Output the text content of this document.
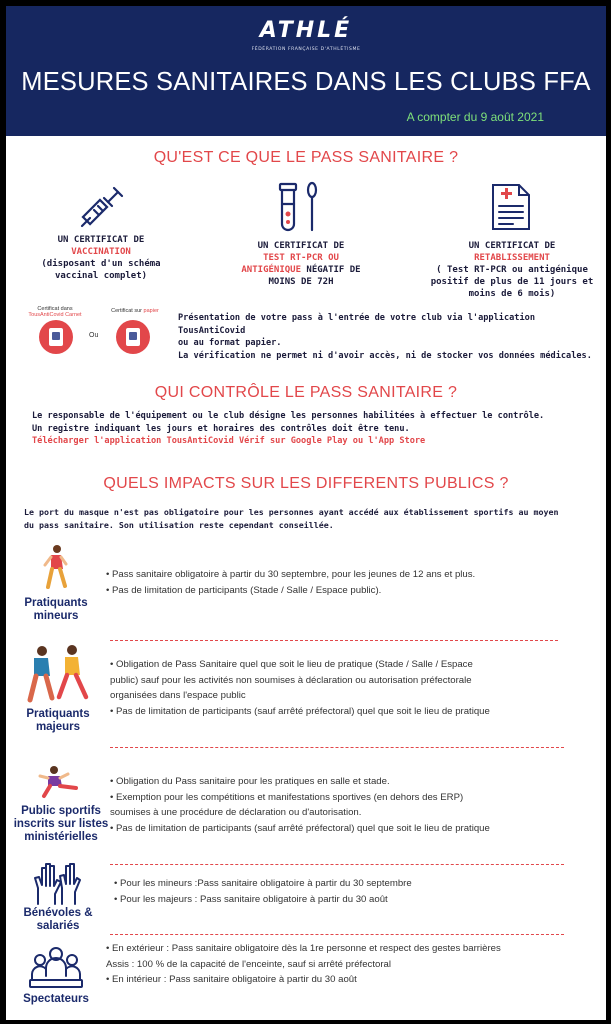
ATHLÉ
FÉDÉRATION FRANÇAISE D'ATHLÉTISME
MESURES SANITAIRES DANS LES CLUBS FFA
A compter du 9 août 2021
QU'EST CE QUE LE PASS SANITAIRE ?
UN CERTIFICAT DE
VACCINATION
(disposant d'un schéma
vaccinal complet)
UN CERTIFICAT DE
TEST RT-PCR OU
ANTIGÉNIQUE NÉGATIF DE
MOINS DE 72H
UN CERTIFICAT DE
RETABLISSEMENT
( Test RT-PCR ou antigénique
positif de plus de 11 jours et
moins de 6 mois)
Certificat dans
TousAntiCovid Carnet
Ou
Certificat sur papier
Présentation de votre pass à l'entrée de votre club via l'application TousAntiCovid
ou au format papier.
La vérification ne permet ni d'avoir accès, ni de stocker vos données médicales.
QUI CONTRÔLE LE PASS SANITAIRE ?
Le responsable de l'équipement ou le club désigne les personnes habilitées à effectuer le contrôle.
Un registre indiquant les jours et horaires des contrôles doit être tenu.
Télécharger l'application TousAntiCovid Vérif sur Google Play ou l'App Store
QUELS IMPACTS SUR LES DIFFERENTS PUBLICS ?
Le port du masque n'est pas obligatoire pour les personnes ayant accédé aux établissement sportifs au moyen
du pass sanitaire. Son utilisation reste cependant conseillée.
Pratiquants
mineurs
• Pass sanitaire obligatoire à partir du 30 septembre, pour les jeunes de 12 ans et plus.
• Pas de limitation de participants (Stade / Salle / Espace public).
Pratiquants
majeurs
• Obligation de Pass Sanitaire quel que soit le lieu de pratique (Stade / Salle / Espace
public) sauf pour les activités non soumises à déclaration ou autorisation préfectorale
organisées dans l'espace public
• Pas de limitation de participants (sauf arrêté préfectoral) quel que soit le lieu de pratique
Public sportifs
inscrits sur listes
ministérielles
• Obligation du Pass sanitaire pour les pratiques en salle et stade.
• Exemption pour les compétitions et manifestations sportives (en dehors des ERP)
soumises à une procédure de déclaration ou d'autorisation.
• Pas de limitation de participants (sauf arrêté préfectoral) quel que soit le lieu de pratique
Bénévoles &
salariés
• Pour les mineurs :Pass sanitaire obligatoire à partir du 30 septembre
• Pour les majeurs : Pass sanitaire obligatoire à partir du 30 août
Spectateurs
• En extérieur : Pass sanitaire obligatoire dès la 1re personne et respect des gestes barrières
Assis : 100 % de la capacité de l'enceinte, sauf si arrêté préfectoral
• En intérieur : Pass sanitaire obligatoire à partir du 30 août
